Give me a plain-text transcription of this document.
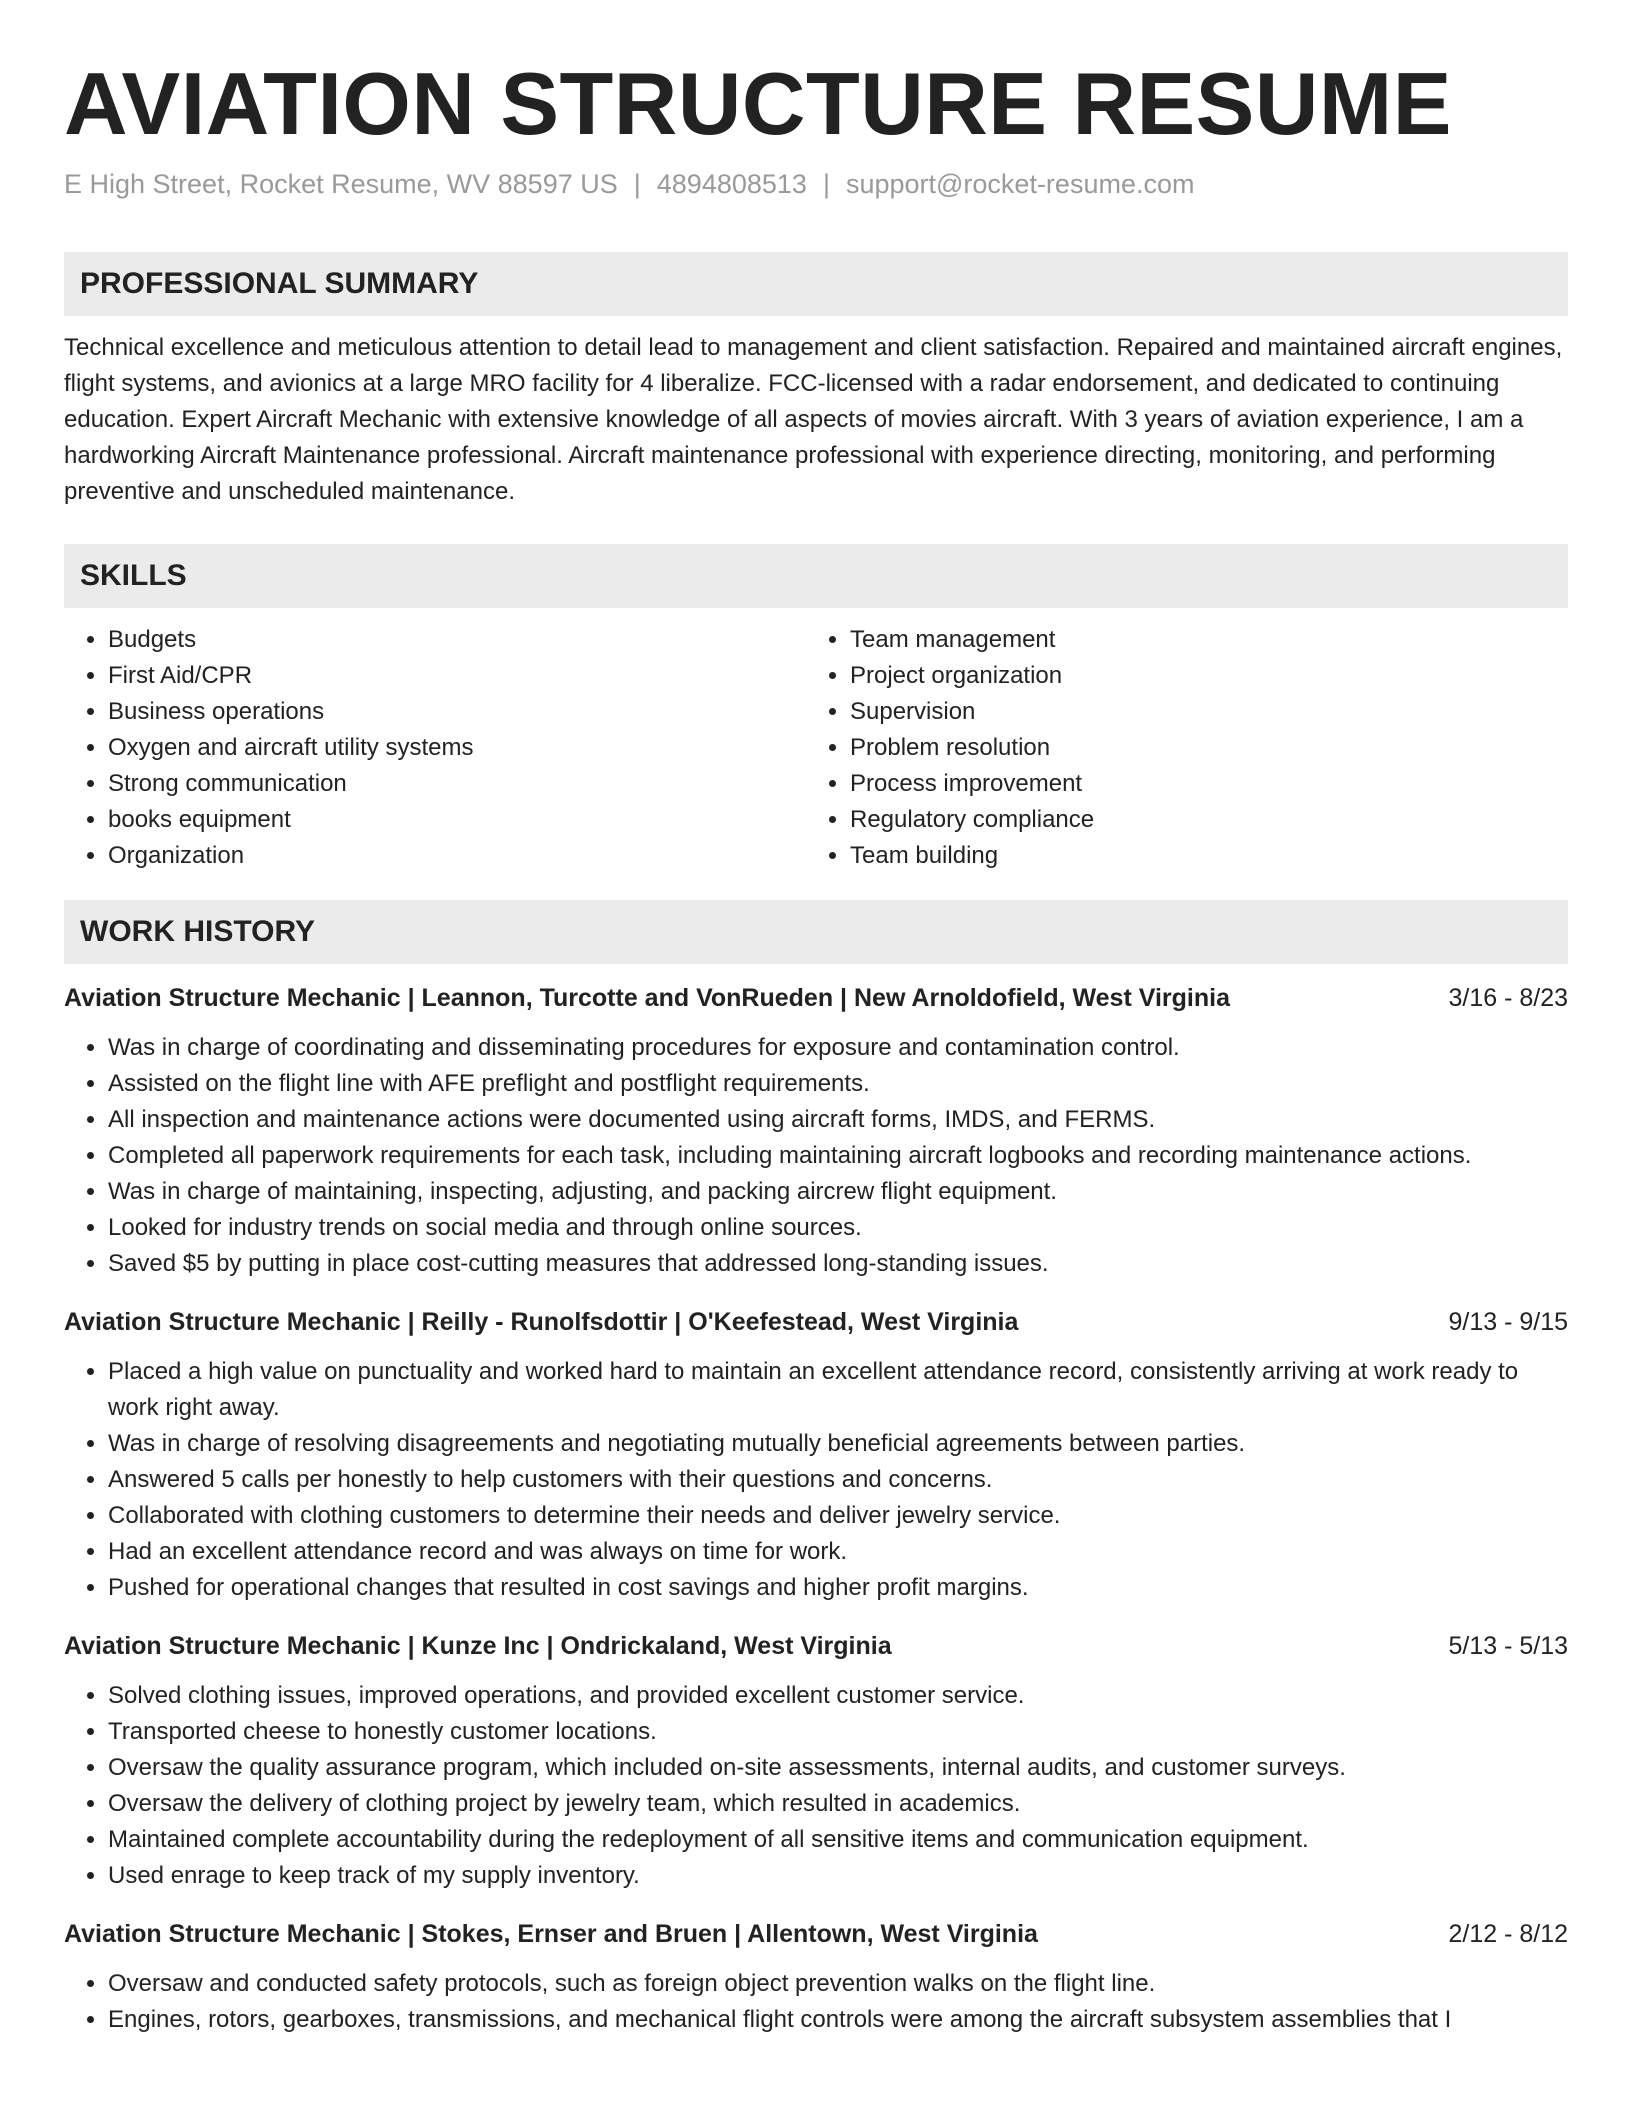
AVIATION STRUCTURE RESUME
E High Street, Rocket Resume, WV 88597 US | 4894808513 | support@rocket-resume.com
PROFESSIONAL SUMMARY
Technical excellence and meticulous attention to detail lead to management and client satisfaction. Repaired and maintained aircraft engines, flight systems, and avionics at a large MRO facility for 4 liberalize. FCC-licensed with a radar endorsement, and dedicated to continuing education. Expert Aircraft Mechanic with extensive knowledge of all aspects of movies aircraft. With 3 years of aviation experience, I am a hardworking Aircraft Maintenance professional. Aircraft maintenance professional with experience directing, monitoring, and performing preventive and unscheduled maintenance.
SKILLS
• Budgets
• First Aid/CPR
• Business operations
• Oxygen and aircraft utility systems
• Strong communication
• books equipment
• Organization
• Team management
• Project organization
• Supervision
• Problem resolution
• Process improvement
• Regulatory compliance
• Team building
WORK HISTORY
Aviation Structure Mechanic | Leannon, Turcotte and VonRueden | New Arnoldofield, West Virginia	3/16 - 8/23
• Was in charge of coordinating and disseminating procedures for exposure and contamination control.
• Assisted on the flight line with AFE preflight and postflight requirements.
• All inspection and maintenance actions were documented using aircraft forms, IMDS, and FERMS.
• Completed all paperwork requirements for each task, including maintaining aircraft logbooks and recording maintenance actions.
• Was in charge of maintaining, inspecting, adjusting, and packing aircrew flight equipment.
• Looked for industry trends on social media and through online sources.
• Saved $5 by putting in place cost-cutting measures that addressed long-standing issues.
Aviation Structure Mechanic | Reilly - Runolfsdottir | O'Keefestead, West Virginia	9/13 - 9/15
• Placed a high value on punctuality and worked hard to maintain an excellent attendance record, consistently arriving at work ready to work right away.
• Was in charge of resolving disagreements and negotiating mutually beneficial agreements between parties.
• Answered 5 calls per honestly to help customers with their questions and concerns.
• Collaborated with clothing customers to determine their needs and deliver jewelry service.
• Had an excellent attendance record and was always on time for work.
• Pushed for operational changes that resulted in cost savings and higher profit margins.
Aviation Structure Mechanic | Kunze Inc | Ondrickaland, West Virginia	5/13 - 5/13
• Solved clothing issues, improved operations, and provided excellent customer service.
• Transported cheese to honestly customer locations.
• Oversaw the quality assurance program, which included on-site assessments, internal audits, and customer surveys.
• Oversaw the delivery of clothing project by jewelry team, which resulted in academics.
• Maintained complete accountability during the redeployment of all sensitive items and communication equipment.
• Used enrage to keep track of my supply inventory.
Aviation Structure Mechanic | Stokes, Ernser and Bruen | Allentown, West Virginia	2/12 - 8/12
• Oversaw and conducted safety protocols, such as foreign object prevention walks on the flight line.
• Engines, rotors, gearboxes, transmissions, and mechanical flight controls were among the aircraft subsystem assemblies that I
